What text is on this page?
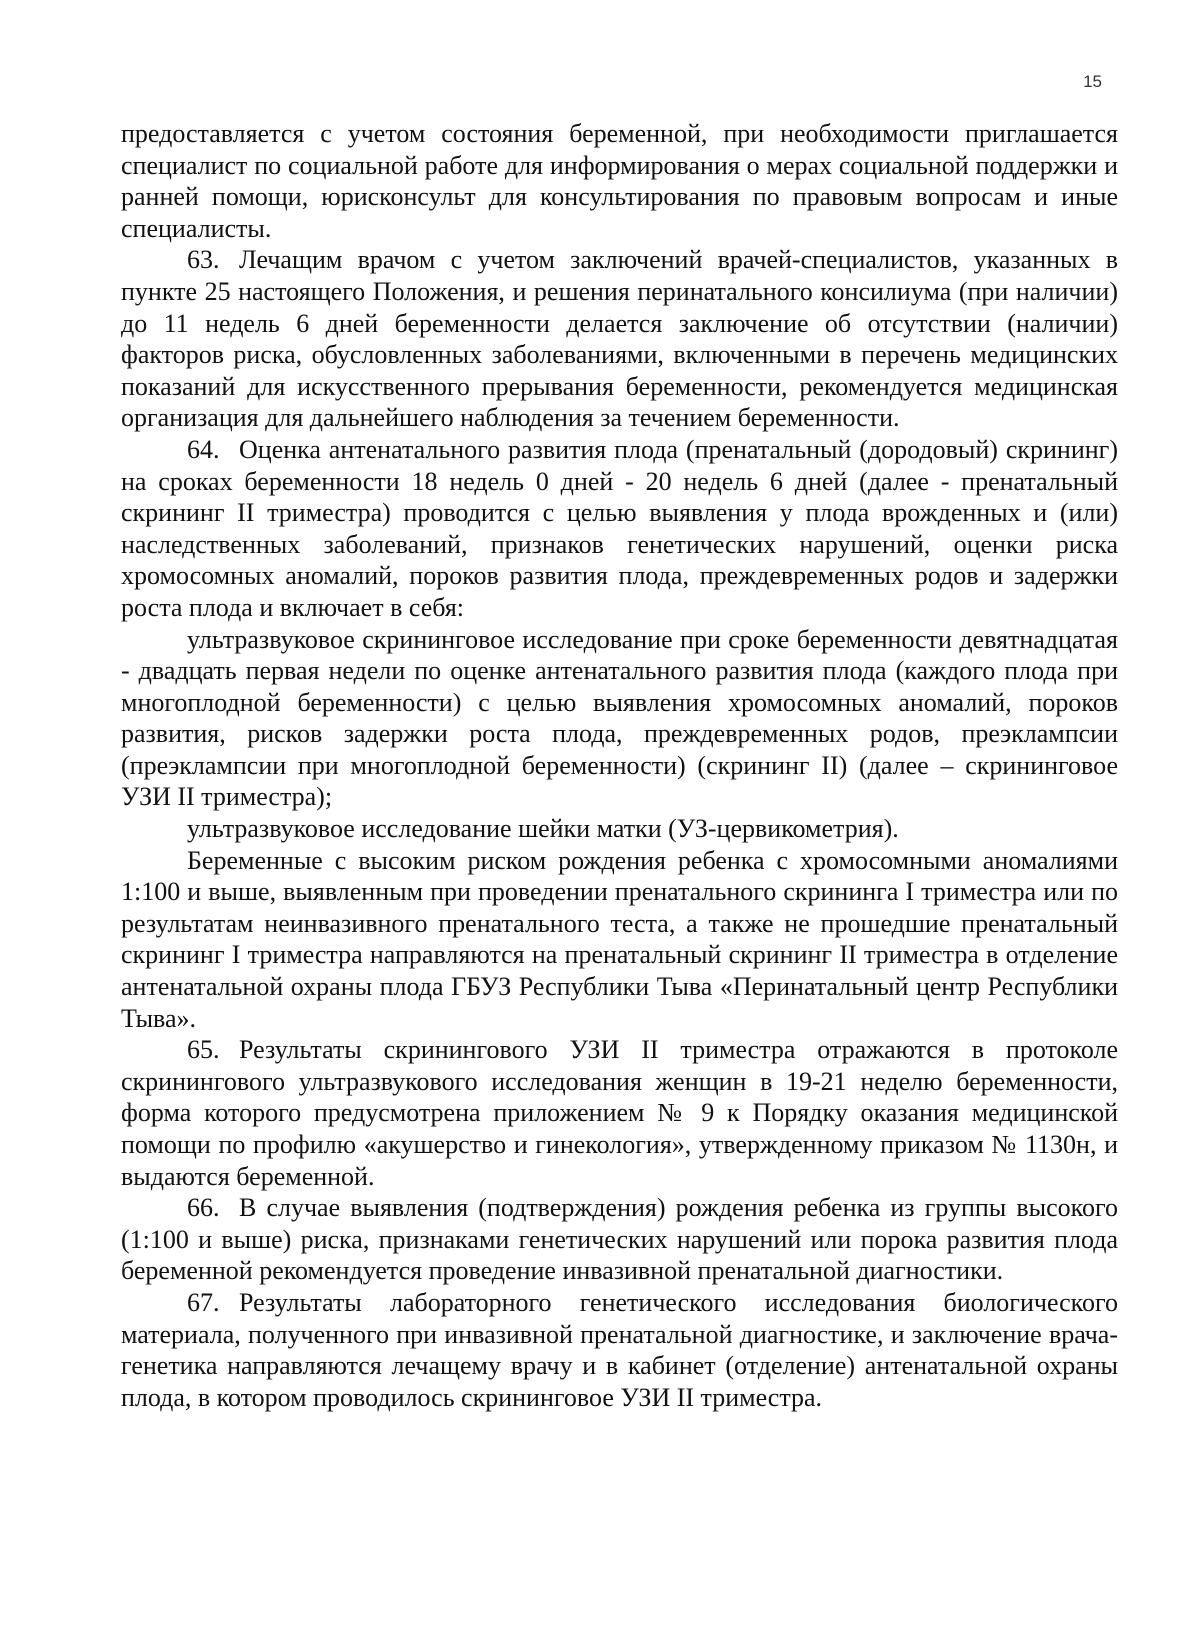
15

предоставляется с учетом состояния беременной, при необходимости приглашается специалист по социальной работе для информирования о мерах социальной поддержки и ранней помощи, юрисконсульт для консультирования по правовым вопросам и иные специалисты.

63. Лечащим врачом с учетом заключений врачей-специалистов, указанных в пункте 25 настоящего Положения, и решения перинатального консилиума (при наличии) до 11 недель 6 дней беременности делается заключение об отсутствии (наличии) факторов риска, обусловленных заболеваниями, включенными в перечень медицинских показаний для искусственного прерывания беременности, рекомендуется медицинская организация для дальнейшего наблюдения за течением беременности.

64. Оценка антенатального развития плода (пренатальный (дородовый) скрининг) на сроках беременности 18 недель 0 дней - 20 недель 6 дней (далее - пренатальный скрининг II триместра) проводится с целью выявления у плода врожденных и (или) наследственных заболеваний, признаков генетических нарушений, оценки риска хромосомных аномалий, пороков развития плода, преждевременных родов и задержки роста плода и включает в себя:

ультразвуковое скрининговое исследование при сроке беременности девятнадцатая - двадцать первая недели по оценке антенатального развития плода (каждого плода при многоплодной беременности) с целью выявления хромосомных аномалий, пороков развития, рисков задержки роста плода, преждевременных родов, преэклампсии (преэклампсии при многоплодной беременности) (скрининг II) (далее – скрининговое УЗИ II триместра);

ультразвуковое исследование шейки матки (УЗ-цервикометрия).

Беременные с высоким риском рождения ребенка с хромосомными аномалиями 1:100 и выше, выявленным при проведении пренатального скрининга I триместра или по результатам неинвазивного пренатального теста, а также не прошедшие пренатальный скрининг I триместра направляются на пренатальный скрининг II триместра в отделение антенатальной охраны плода ГБУЗ Республики Тыва «Перинатальный центр Республики Тыва».

65. Результаты скринингового УЗИ II триместра отражаются в протоколе скринингового ультразвукового исследования женщин в 19-21 неделю беременности, форма которого предусмотрена приложением № 9 к Порядку оказания медицинской помощи по профилю «акушерство и гинекология», утвержденному приказом № 1130н, и выдаются беременной.

66. В случае выявления (подтверждения) рождения ребенка из группы высокого (1:100 и выше) риска, признаками генетических нарушений или порока развития плода беременной рекомендуется проведение инвазивной пренатальной диагностики.

67. Результаты лабораторного генетического исследования биологического материала, полученного при инвазивной пренатальной диагностике, и заключение врача-генетика направляются лечащему врачу и в кабинет (отделение) антенатальной охраны плода, в котором проводилось скрининговое УЗИ II триместра.
